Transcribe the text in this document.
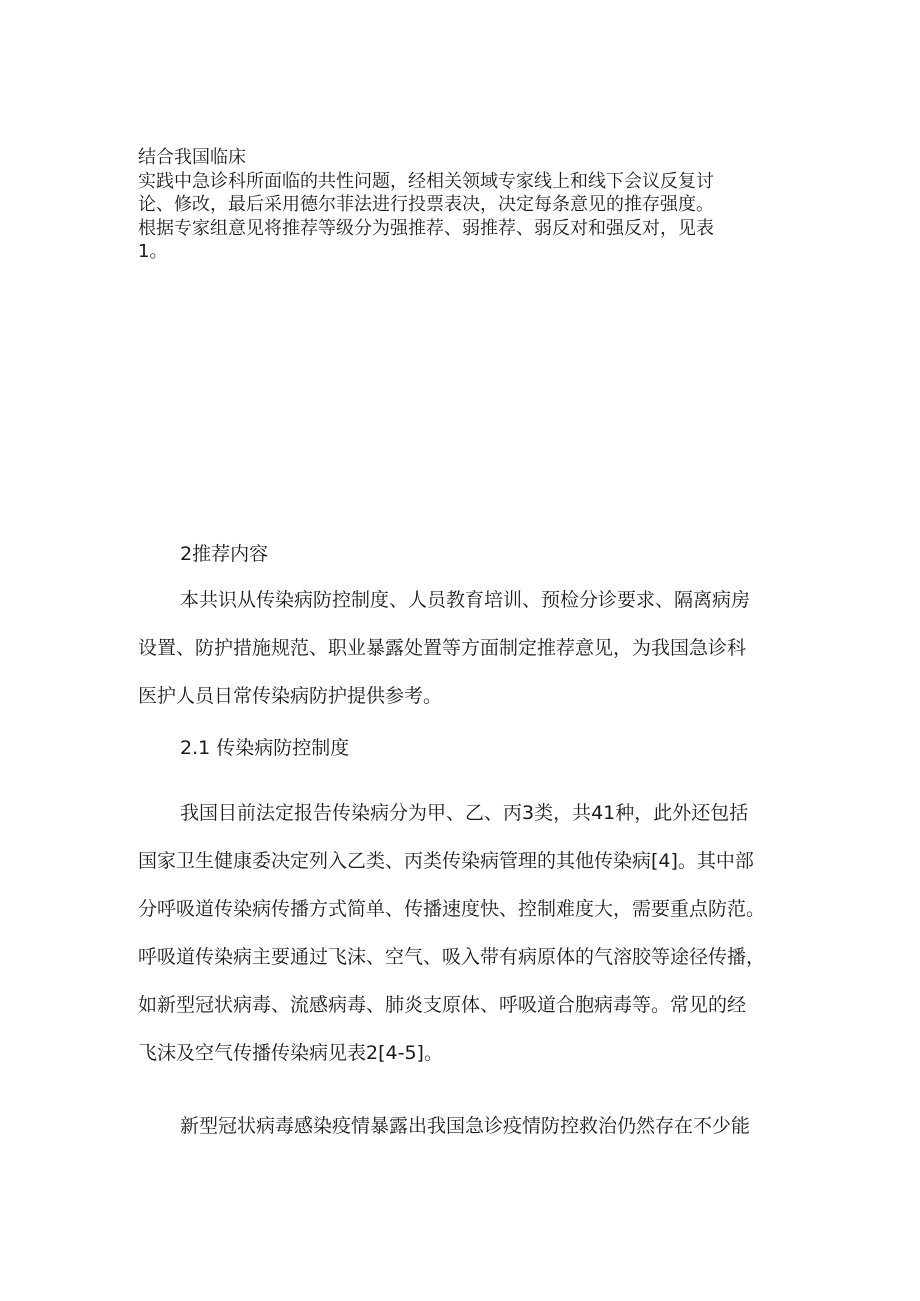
结合我国临床

实践中急诊科所面临的共性问题，经相关领域专家线上和线下会议反复讨

论、修改，最后采用德尔菲法进行投票表决，决定每条意见的推存强度。

根据专家组意见将推荐等级分为强推荐、弱推荐、弱反对和强反对，见表

1。

2推荐内容
本共识从传染病防控制度、人员教育培训、预检分诊要求、隔离病房
设置、防护措施规范、职业暴露处置等方面制定推荐意见，为我国急诊科
医护人员日常传染病防护提供参考。
2.1 传染病防控制度
我国目前法定报告传染病分为甲、乙、丙3类，共41种，此外还包括
国家卫生健康委决定列入乙类、丙类传染病管理的其他传染病[4]。其中部
分呼吸道传染病传播方式简单、传播速度快、控制难度大，需要重点防范。
呼吸道传染病主要通过飞沫、空气、吸入带有病原体的气溶胶等途径传播，
如新型冠状病毒、流感病毒、肺炎支原体、呼吸道合胞病毒等。常见的经
飞沫及空气传播传染病见表2[4-5]。
新型冠状病毒感染疫情暴露出我国急诊疫情防控救治仍然存在不少能
